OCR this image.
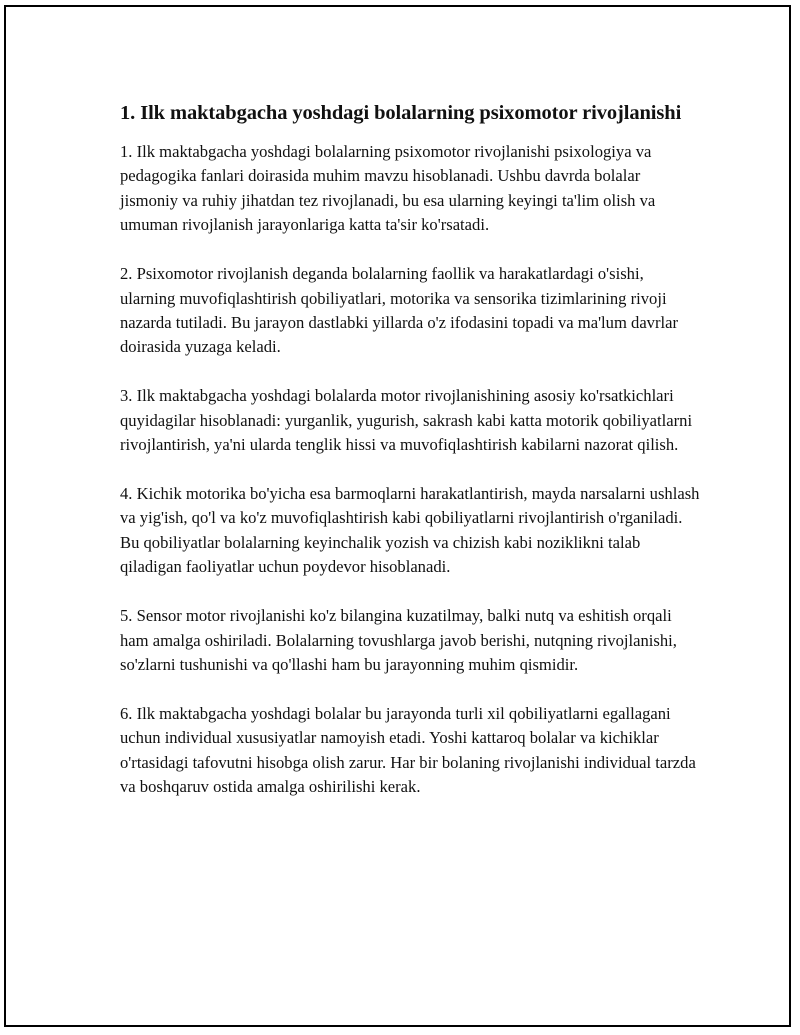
1. Ilk maktabgacha yoshdagi bolalarning psixomotor rivojlanishi

1. Ilk maktabgacha yoshdagi bolalarning psixomotor rivojlanishi psixologiya va pedagogika fanlari doirasida muhim mavzu hisoblanadi. Ushbu davrda bolalar jismoniy va ruhiy jihatdan tez rivojlanadi, bu esa ularning keyingi ta'lim olish va umuman rivojlanish jarayonlariga katta ta'sir ko'rsatadi.

2. Psixomotor rivojlanish deganda bolalarning faollik va harakatlardagi o'sishi, ularning muvofiqlashtirish qobiliyatlari, motorika va sensorika tizimlarining rivoji nazarda tutiladi. Bu jarayon dastlabki yillarda o'z ifodasini topadi va ma'lum davrlar doirasida yuzaga keladi.

3. Ilk maktabgacha yoshdagi bolalarda motor rivojlanishining asosiy ko'rsatkichlari quyidagilar hisoblanadi: yurganlik, yugurish, sakrash kabi katta motorik qobiliyatlarni rivojlantirish, ya'ni ularda tenglik hissi va muvofiqlashtirish kabilarni nazorat qilish.

4. Kichik motorika bo'yicha esa barmoqlarni harakatlantirish, mayda narsalarni ushlash va yig'ish, qo'l va ko'z muvofiqlashtirish kabi qobiliyatlarni rivojlantirish o'rganiladi. Bu qobiliyatlar bolalarning keyinchalik yozish va chizish kabi noziklikni talab qiladigan faoliyatlar uchun poydevor hisoblanadi.

5. Sensor motor rivojlanishi ko'z bilangina kuzatilmay, balki nutq va eshitish orqali ham amalga oshiriladi. Bolalarning tovushlarga javob berishi, nutqning rivojlanishi, so'zlarni tushunishi va qo'llashi ham bu jarayonning muhim qismidir.

6. Ilk maktabgacha yoshdagi bolalar bu jarayonda turli xil qobiliyatlarni egallagani uchun individual xususiyatlar namoyish etadi. Yoshi kattaroq bolalar va kichiklar o'rtasidagi tafovutni hisobga olish zarur. Har bir bolaning rivojlanishi individual tarzda va boshqaruv ostida amalga oshirilishi kerak.
